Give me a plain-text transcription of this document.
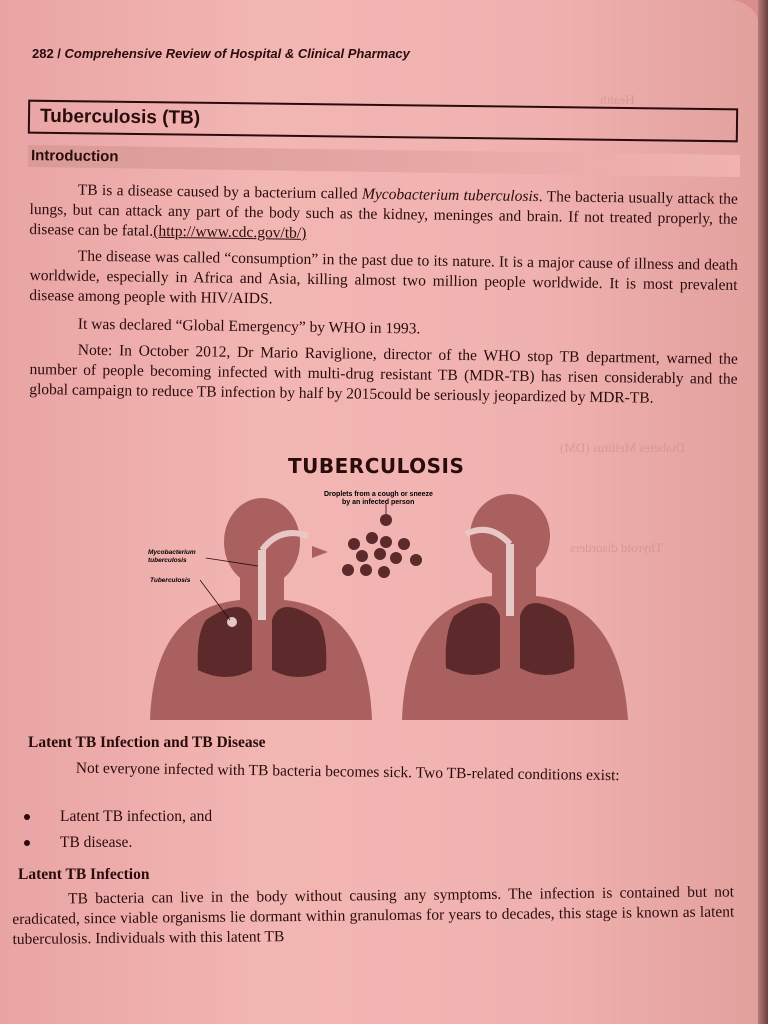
Health
Diabetes Mellitus (DM)
Thyroid disorders
282 / Comprehensive Review of Hospital & Clinical Pharmacy
Tuberculosis (TB)
Introduction
TB is a disease caused by a bacterium called Mycobacterium tuberculosis. The bacteria usually attack the lungs, but can attack any part of the body such as the kidney, meninges and brain. If not treated properly, the disease can be fatal.(http://www.cdc.gov/tb/)
The disease was called “consumption” in the past due to its nature. It is a major cause of illness and death worldwide, especially in Africa and Asia, killing almost two million people worldwide. It is most prevalent disease among people with HIV/AIDS.
It was declared “Global Emergency” by WHO in 1993.
Note: In October 2012, Dr Mario Raviglione, director of the WHO stop TB department, warned the number of people becoming infected with multi-drug resistant TB (MDR-TB) has risen considerably and the global campaign to reduce TB infection by half by 2015could be seriously jeopardized by MDR-TB.
TUBERCULOSIS
Droplets from a cough or sneeze
by an infected person
Mycobacterium
tuberculosis
Tuberculosis
Latent TB Infection and TB Disease
Not everyone infected with TB bacteria becomes sick. Two TB-related conditions exist:
Latent TB infection, and
TB disease.
Latent TB Infection
TB bacteria can live in the body without causing any symptoms. The infection is contained but not eradicated, since viable organisms lie dormant within granulomas for years to decades, this stage is known as latent tuberculosis. Individuals with this latent TB
